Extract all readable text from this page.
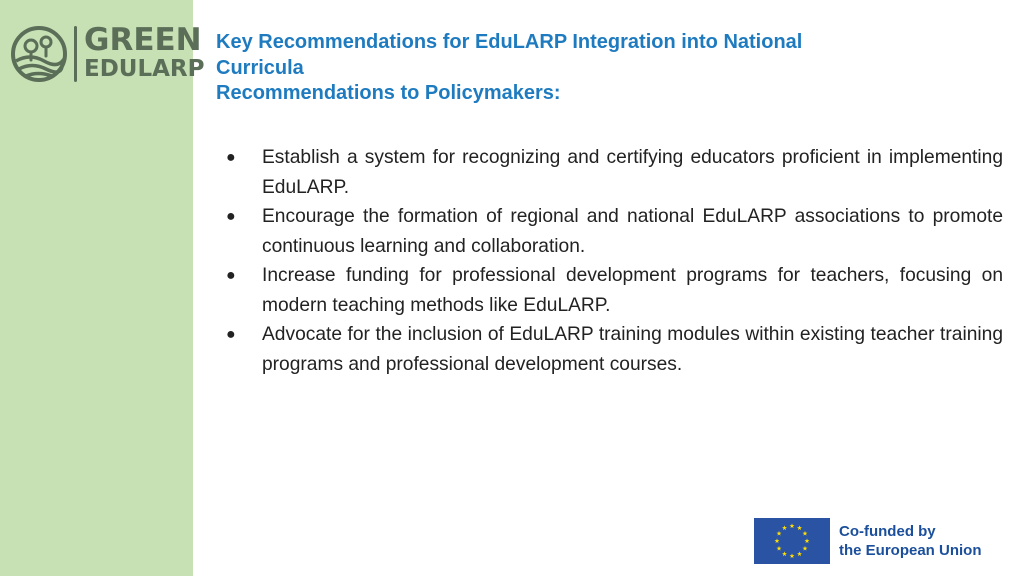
GREEN
EDULARP
Key Recommendations for EduLARP Integration into National
Curricula
Recommendations to Policymakers:
● Establish a system for recognizing and certifying educators proficient in implementing EduLARP.
● Encourage the formation of regional and national EduLARP associations to promote continuous learning and collaboration.
● Increase funding for professional development programs for teachers, focusing on modern teaching methods like EduLARP.
● Advocate for the inclusion of EduLARP training modules within existing teacher training programs and professional development courses.
Co-funded by
the European Union
